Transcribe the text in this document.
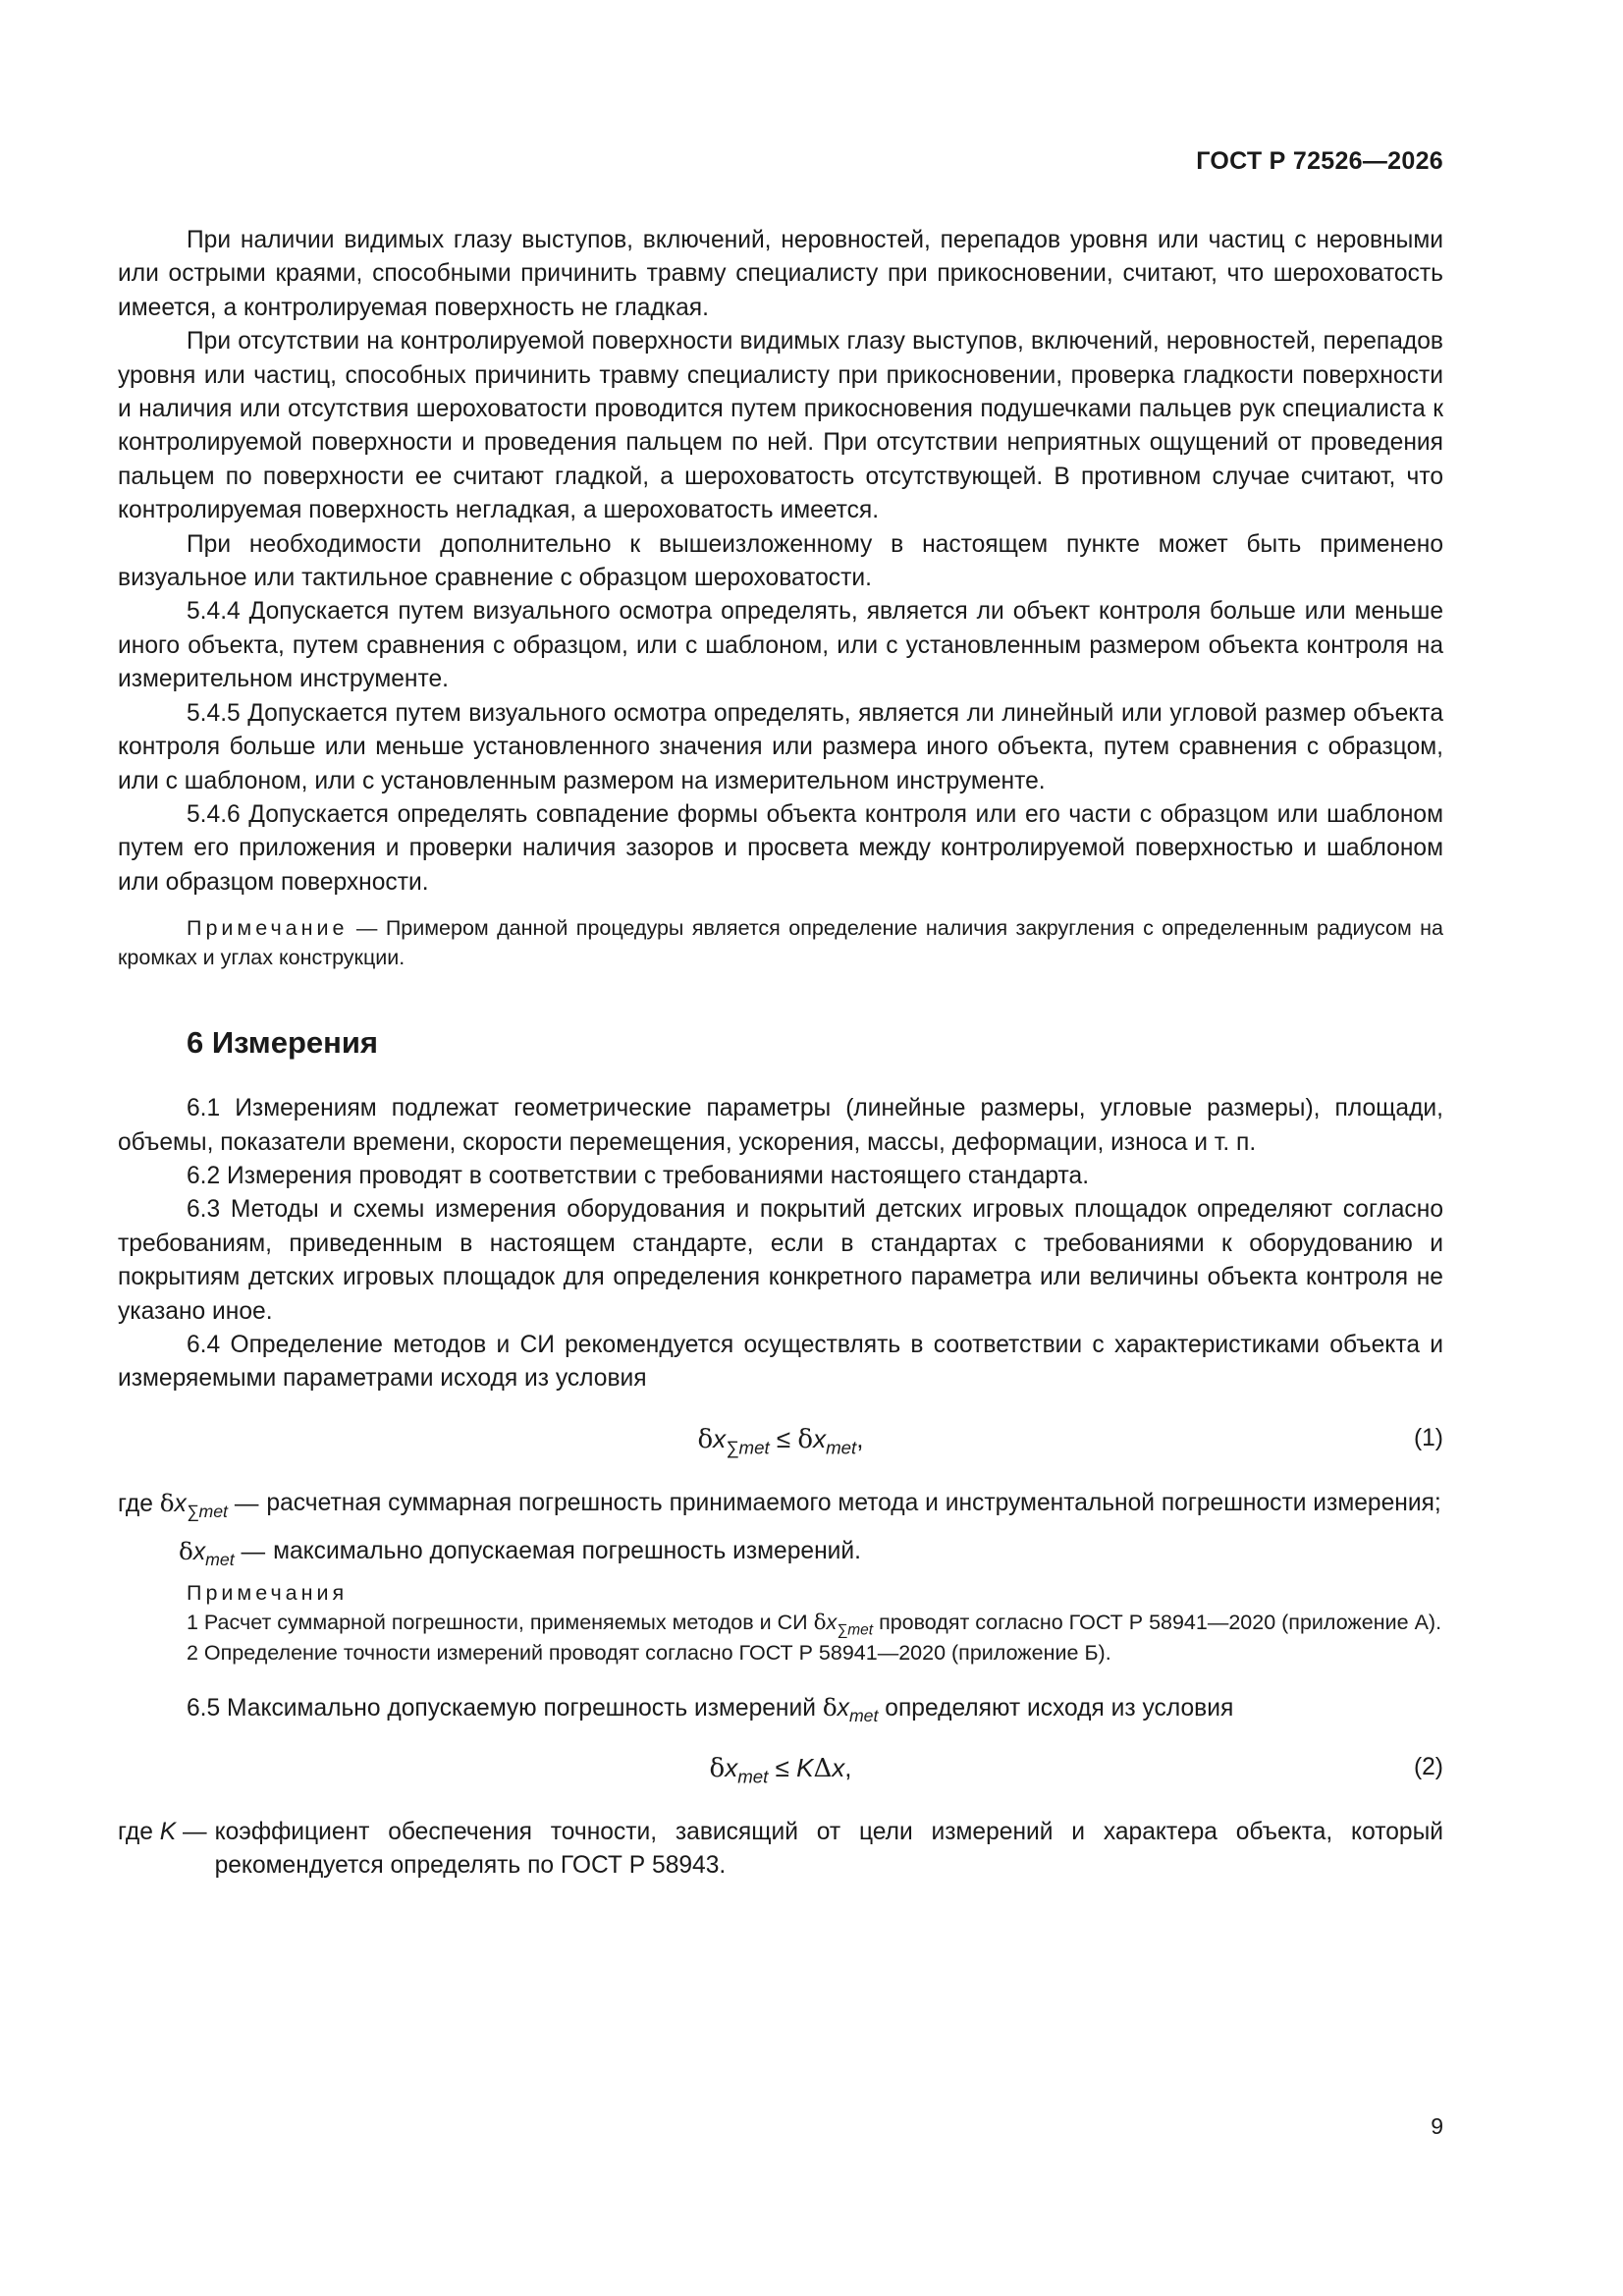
ГОСТ Р 72526—2026

При наличии видимых глазу выступов, включений, неровностей, перепадов уровня или частиц с неровными или острыми краями, способными причинить травму специалисту при прикосновении, считают, что шероховатость имеется, а контролируемая поверхность не гладкая.

При отсутствии на контролируемой поверхности видимых глазу выступов, включений, неровностей, перепадов уровня или частиц, способных причинить травму специалисту при прикосновении, проверка гладкости поверхности и наличия или отсутствия шероховатости проводится путем прикосновения подушечками пальцев рук специалиста к контролируемой поверхности и проведения пальцем по ней. При отсутствии неприятных ощущений от проведения пальцем по поверхности ее считают гладкой, а шероховатость отсутствующей. В противном случае считают, что контролируемая поверхность негладкая, а шероховатость имеется.

При необходимости дополнительно к вышеизложенному в настоящем пункте может быть применено визуальное или тактильное сравнение с образцом шероховатости.

5.4.4 Допускается путем визуального осмотра определять, является ли объект контроля больше или меньше иного объекта, путем сравнения с образцом, или с шаблоном, или с установленным размером объекта контроля на измерительном инструменте.

5.4.5 Допускается путем визуального осмотра определять, является ли линейный или угловой размер объекта контроля больше или меньше установленного значения или размера иного объекта, путем сравнения с образцом, или с шаблоном, или с установленным размером на измерительном инструменте.

5.4.6 Допускается определять совпадение формы объекта контроля или его части с образцом или шаблоном путем его приложения и проверки наличия зазоров и просвета между контролируемой поверхностью и шаблоном или образцом поверхности.

Примечание — Примером данной процедуры является определение наличия закругления с определенным радиусом на кромках и углах конструкции.

6 Измерения

6.1 Измерениям подлежат геометрические параметры (линейные размеры, угловые размеры), площади, объемы, показатели времени, скорости перемещения, ускорения, массы, деформации, износа и т. п.

6.2 Измерения проводят в соответствии с требованиями настоящего стандарта.

6.3 Методы и схемы измерения оборудования и покрытий детских игровых площадок определяют согласно требованиям, приведенным в настоящем стандарте, если в стандартах с требованиями к оборудованию и покрытиям детских игровых площадок для определения конкретного параметра или величины объекта контроля не указано иное.

6.4 Определение методов и СИ рекомендуется осуществлять в соответствии с характеристиками объекта и измеряемыми параметрами исходя из условия

$\delta x_{\sum met} \le \delta x_{met}$,	(1)
где $\delta x_{\sum met}$ — расчетная суммарная погрешность принимаемого метода и инструментальной погрешности измерения;
$\delta x_{met}$ — максимально допускаемая погрешность измерений.
Примечания

1 Расчет суммарной погрешности, применяемых методов и СИ $\delta x_{\sum met}$ проводят согласно ГОСТ Р 58941—2020 (приложение А).

2 Определение точности измерений проводят согласно ГОСТ Р 58941—2020 (приложение Б).

6.5 Максимально допускаемую погрешность измерений $\delta x_{met}$ определяют исходя из условия

$\delta x_{met} \le K\Delta x$,	(2)
где K — коэффициент обеспечения точности, зависящий от цели измерений и характера объекта, который рекомендуется определять по ГОСТ Р 58943.
9
